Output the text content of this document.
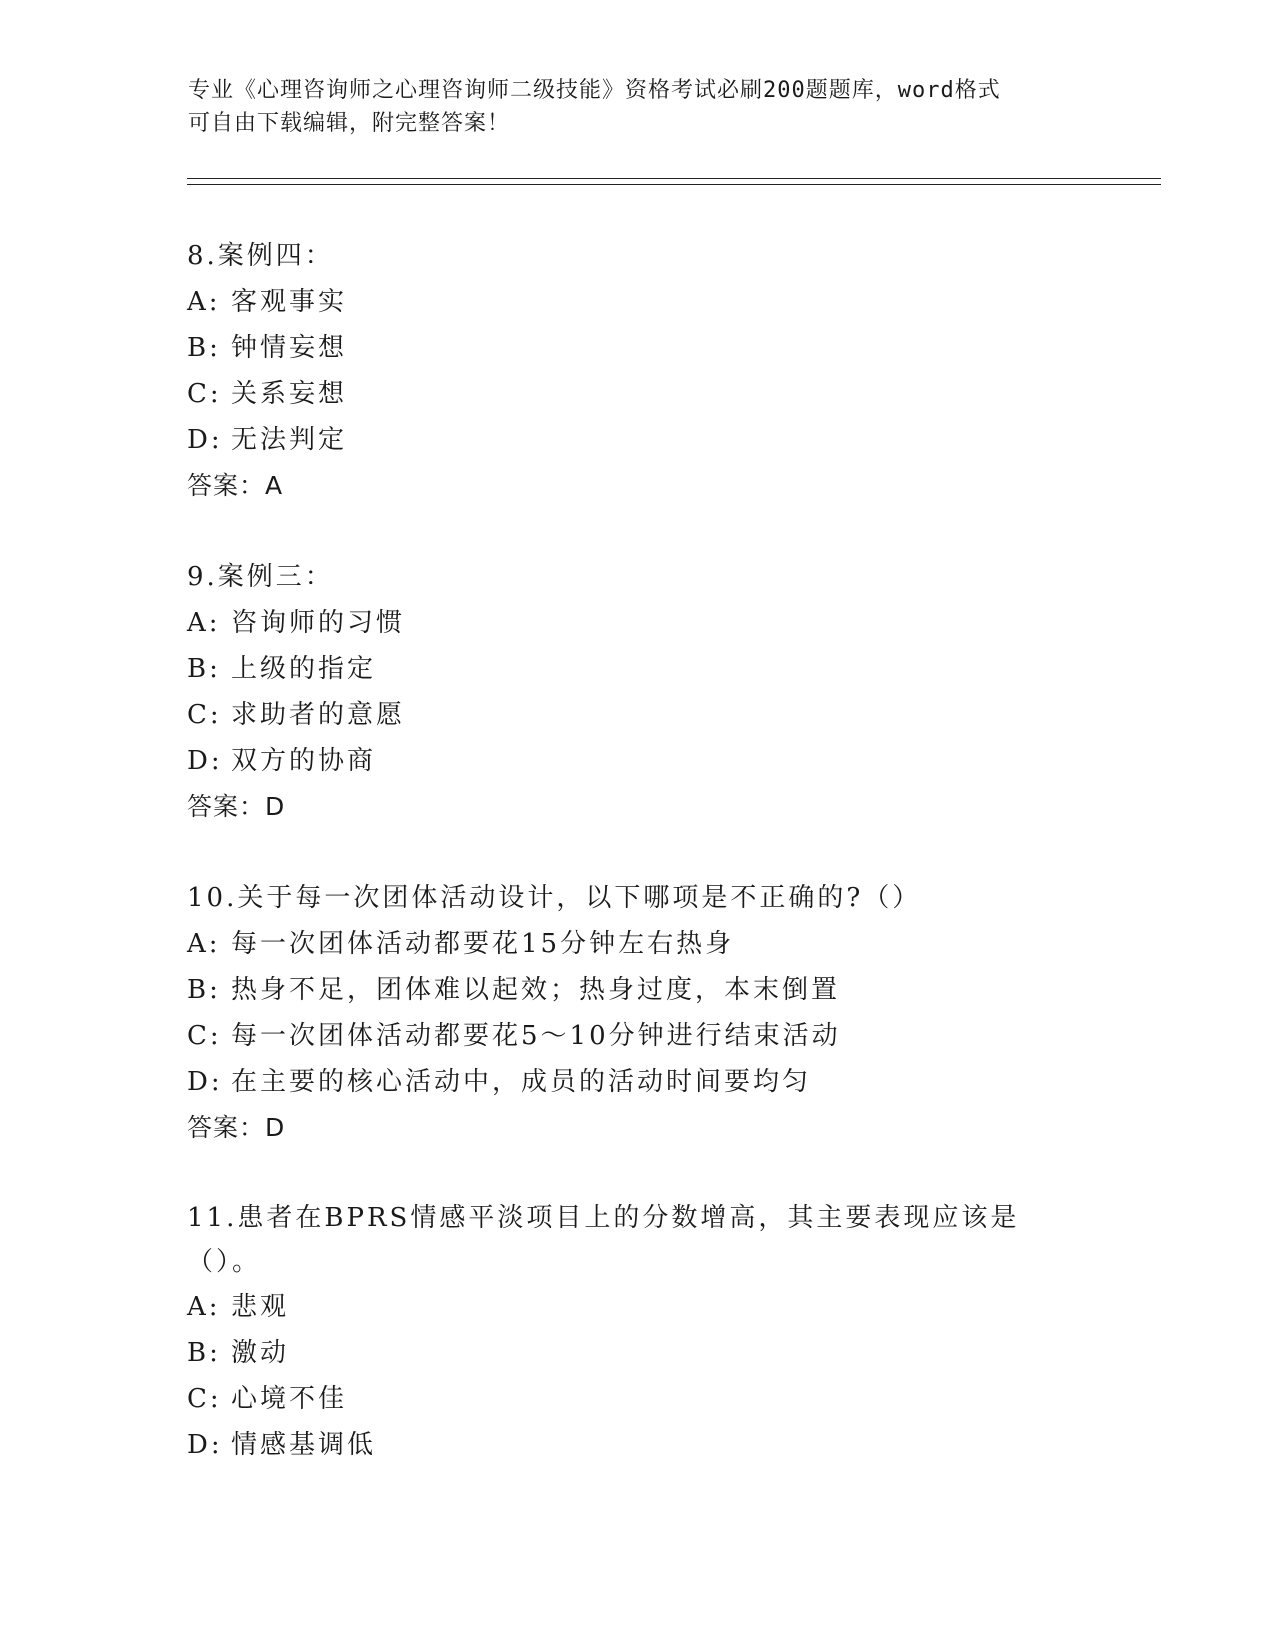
专业《心理咨询师之心理咨询师二级技能》资格考试必刷200题题库，word格式
可自由下载编辑，附完整答案！
8.案例四：
A: 客观事实
B: 钟情妄想
C: 关系妄想
D: 无法判定
答案：A
9.案例三：
A: 咨询师的习惯
B: 上级的指定
C: 求助者的意愿
D: 双方的协商
答案：D
10.关于每一次团体活动设计，以下哪项是不正确的?（）
A: 每一次团体活动都要花15分钟左右热身
B: 热身不足，团体难以起效；热身过度，本末倒置
C: 每一次团体活动都要花5～10分钟进行结束活动
D: 在主要的核心活动中，成员的活动时间要均匀
答案：D
11.患者在BPRS情感平淡项目上的分数增高，其主要表现应该是（）。
A: 悲观
B: 激动
C: 心境不佳
D: 情感基调低
